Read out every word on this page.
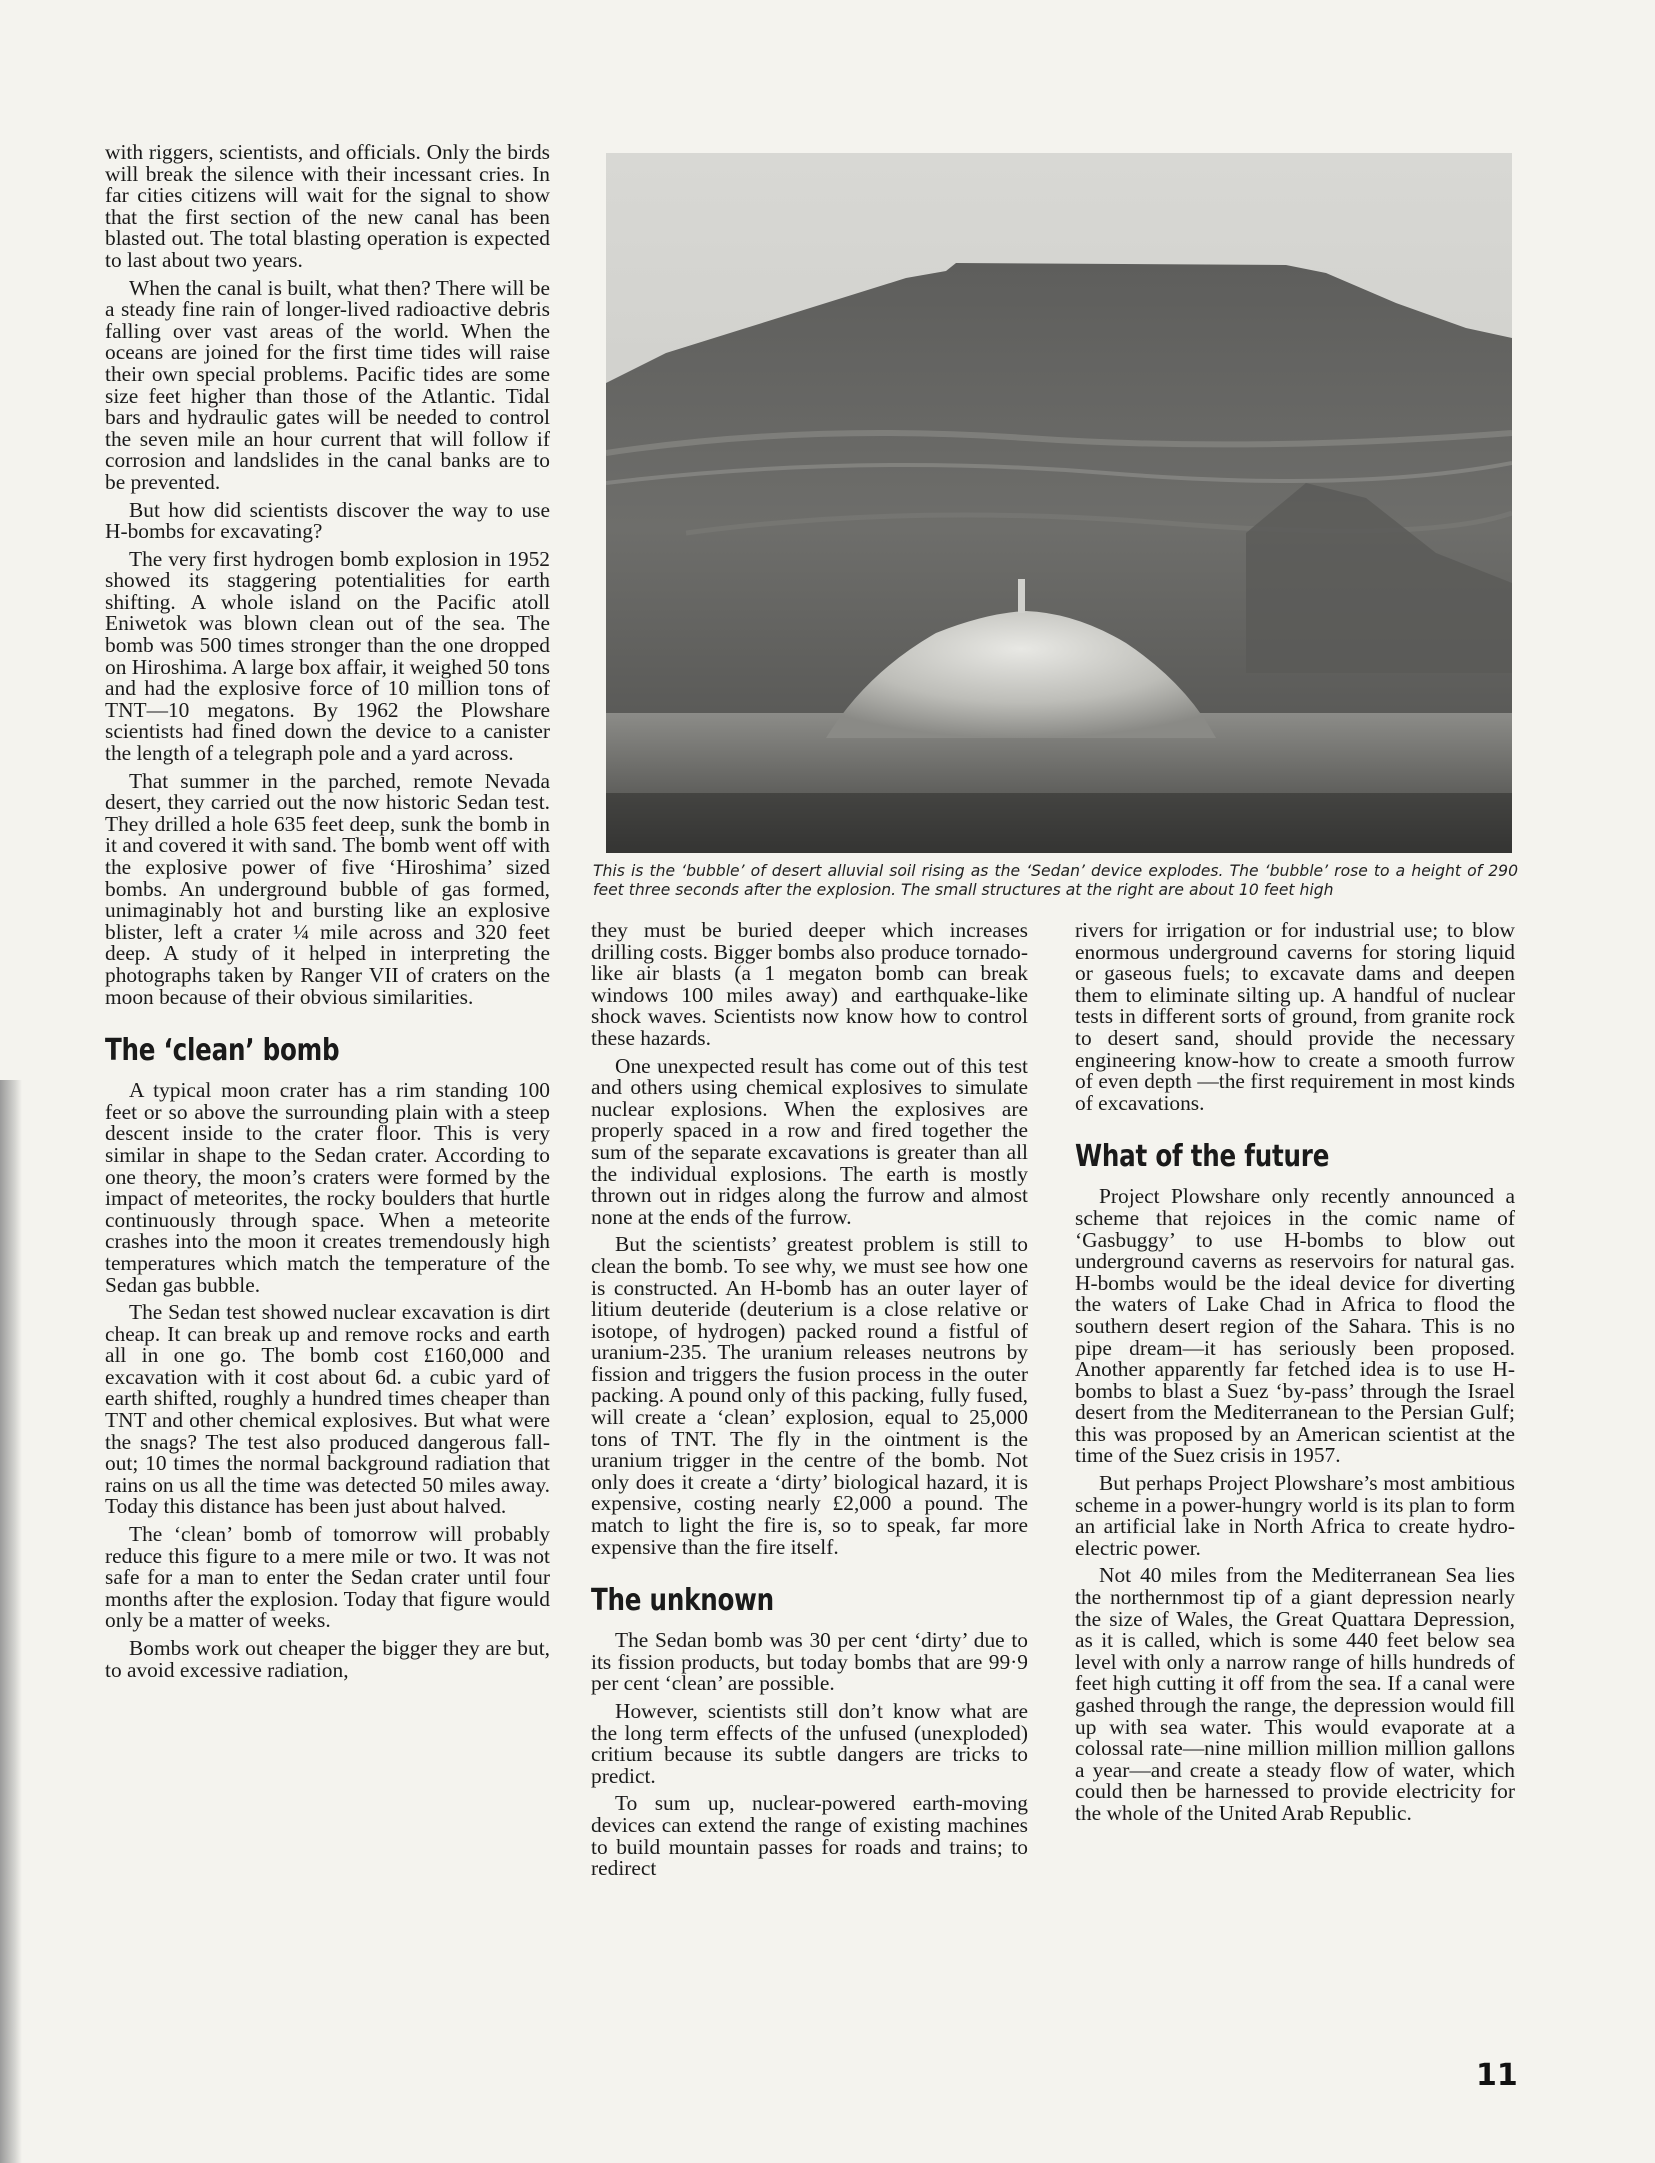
with riggers, scientists, and officials. Only the birds will break the silence with their incessant cries. In far cities citizens will wait for the signal to show that the first section of the new canal has been blasted out. The total blasting operation is expected to last about two years.

When the canal is built, what then? There will be a steady fine rain of longer-lived radioactive debris falling over vast areas of the world. When the oceans are joined for the first time tides will raise their own special problems. Pacific tides are some size feet higher than those of the Atlantic. Tidal bars and hydraulic gates will be needed to control the seven mile an hour current that will follow if corrosion and landslides in the canal banks are to be prevented.

But how did scientists discover the way to use H-bombs for excavating?

The very first hydrogen bomb explosion in 1952 showed its staggering potentialities for earth shifting. A whole island on the Pacific atoll Eniwetok was blown clean out of the sea. The bomb was 500 times stronger than the one dropped on Hiroshima. A large box affair, it weighed 50 tons and had the explosive force of 10 million tons of TNT—10 megatons. By 1962 the Plowshare scientists had fined down the device to a canister the length of a telegraph pole and a yard across.

That summer in the parched, remote Nevada desert, they carried out the now historic Sedan test. They drilled a hole 635 feet deep, sunk the bomb in it and covered it with sand. The bomb went off with the explosive power of five ‘Hiroshima’ sized bombs. An underground bubble of gas formed, unimaginably hot and bursting like an explosive blister, left a crater ¼ mile across and 320 feet deep. A study of it helped in interpreting the photographs taken by Ranger VII of craters on the moon because of their obvious similarities.

The ‘clean’ bomb

A typical moon crater has a rim standing 100 feet or so above the surrounding plain with a steep descent inside to the crater floor. This is very similar in shape to the Sedan crater. According to one theory, the moon’s craters were formed by the impact of meteorites, the rocky boulders that hurtle continuously through space. When a meteorite crashes into the moon it creates tremendously high temperatures which match the temperature of the Sedan gas bubble.

The Sedan test showed nuclear excavation is dirt cheap. It can break up and remove rocks and earth all in one go. The bomb cost £160,000 and excavation with it cost about 6d. a cubic yard of earth shifted, roughly a hundred times cheaper than TNT and other chemical explosives. But what were the snags? The test also produced dangerous fall-out; 10 times the normal background radiation that rains on us all the time was detected 50 miles away. Today this distance has been just about halved.

The ‘clean’ bomb of tomorrow will probably reduce this figure to a mere mile or two. It was not safe for a man to enter the Sedan crater until four months after the explosion. Today that figure would only be a matter of weeks.

Bombs work out cheaper the bigger they are but, to avoid excessive radiation,

This is the ‘bubble’ of desert alluvial soil rising as the ‘Sedan’ device explodes. The ‘bubble’ rose to a height of 290 feet three seconds after the explosion. The small structures at the right are about 10 feet high

they must be buried deeper which increases drilling costs. Bigger bombs also produce tornado-like air blasts (a 1 megaton bomb can break windows 100 miles away) and earthquake-like shock waves. Scientists now know how to control these hazards.

One unexpected result has come out of this test and others using chemical explosives to simulate nuclear explosions. When the explosives are properly spaced in a row and fired together the sum of the separate excavations is greater than all the individual explosions. The earth is mostly thrown out in ridges along the furrow and almost none at the ends of the furrow.

But the scientists’ greatest problem is still to clean the bomb. To see why, we must see how one is constructed. An H-bomb has an outer layer of litium deuteride (deuterium is a close relative or isotope, of hydrogen) packed round a fistful of uranium-235. The uranium releases neutrons by fission and triggers the fusion process in the outer packing. A pound only of this packing, fully fused, will create a ‘clean’ explosion, equal to 25,000 tons of TNT. The fly in the ointment is the uranium trigger in the centre of the bomb. Not only does it create a ‘dirty’ biological hazard, it is expensive, costing nearly £2,000 a pound. The match to light the fire is, so to speak, far more expensive than the fire itself.

The unknown

The Sedan bomb was 30 per cent ‘dirty’ due to its fission products, but today bombs that are 99·9 per cent ‘clean’ are possible.

However, scientists still don’t know what are the long term effects of the unfused (unexploded) critium because its subtle dangers are tricks to predict.

To sum up, nuclear-powered earth-moving devices can extend the range of existing machines to build mountain passes for roads and trains; to redirect

rivers for irrigation or for industrial use; to blow enormous underground caverns for storing liquid or gaseous fuels; to excavate dams and deepen them to eliminate silting up. A handful of nuclear tests in different sorts of ground, from granite rock to desert sand, should provide the necessary engineering know-how to create a smooth furrow of even depth —the first requirement in most kinds of excavations.

What of the future

Project Plowshare only recently announced a scheme that rejoices in the comic name of ‘Gasbuggy’ to use H-bombs to blow out underground caverns as reservoirs for natural gas. H-bombs would be the ideal device for diverting the waters of Lake Chad in Africa to flood the southern desert region of the Sahara. This is no pipe dream—it has seriously been proposed. Another apparently far fetched idea is to use H-bombs to blast a Suez ‘by-pass’ through the Israel desert from the Mediterranean to the Persian Gulf; this was proposed by an American scientist at the time of the Suez crisis in 1957.

But perhaps Project Plowshare’s most ambitious scheme in a power-hungry world is its plan to form an artificial lake in North Africa to create hydro-electric power.

Not 40 miles from the Mediterranean Sea lies the northernmost tip of a giant depression nearly the size of Wales, the Great Quattara Depression, as it is called, which is some 440 feet below sea level with only a narrow range of hills hundreds of feet high cutting it off from the sea. If a canal were gashed through the range, the depression would fill up with sea water. This would evaporate at a colossal rate—nine million million million gallons a year—and create a steady flow of water, which could then be harnessed to provide electricity for the whole of the United Arab Republic.

11
